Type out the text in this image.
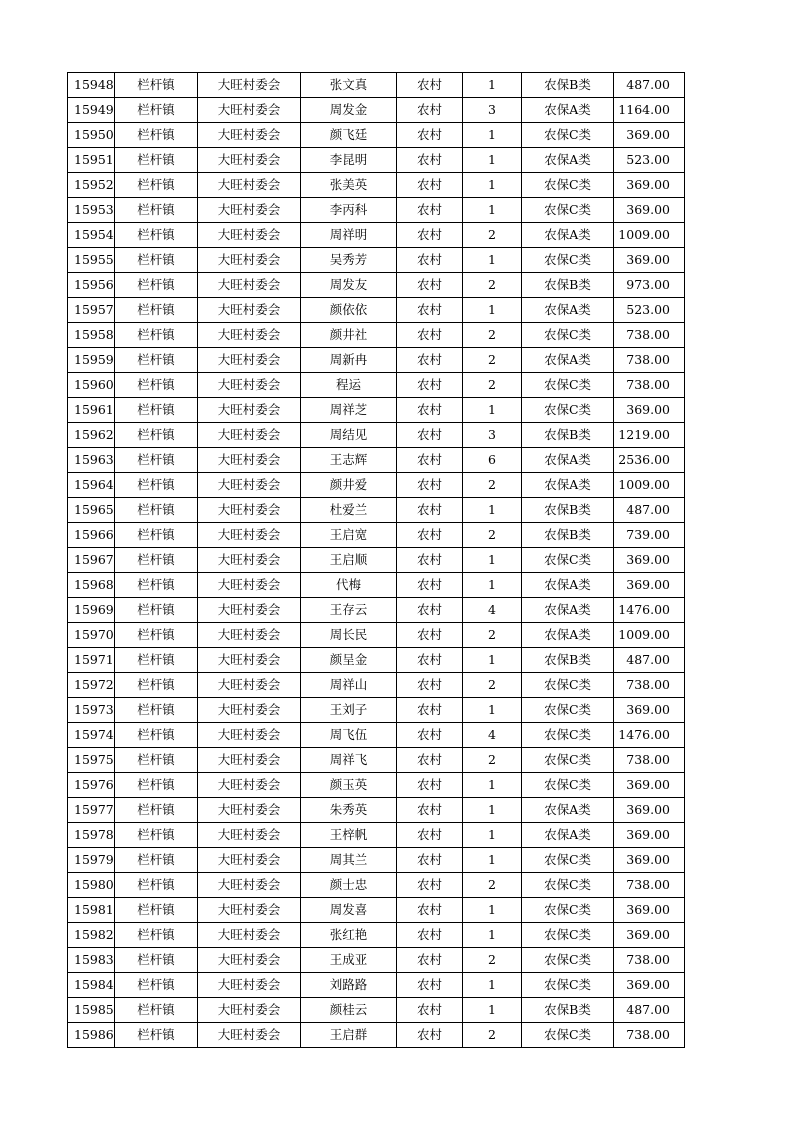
15948	栏杆镇	大旺村委会	张文真	农村	1	农保B类	487.00
15949	栏杆镇	大旺村委会	周发金	农村	3	农保A类	1164.00
15950	栏杆镇	大旺村委会	颜飞廷	农村	1	农保C类	369.00
15951	栏杆镇	大旺村委会	李昆明	农村	1	农保A类	523.00
15952	栏杆镇	大旺村委会	张美英	农村	1	农保C类	369.00
15953	栏杆镇	大旺村委会	李丙科	农村	1	农保C类	369.00
15954	栏杆镇	大旺村委会	周祥明	农村	2	农保A类	1009.00
15955	栏杆镇	大旺村委会	吴秀芳	农村	1	农保C类	369.00
15956	栏杆镇	大旺村委会	周发友	农村	2	农保B类	973.00
15957	栏杆镇	大旺村委会	颜依依	农村	1	农保A类	523.00
15958	栏杆镇	大旺村委会	颜井社	农村	2	农保C类	738.00
15959	栏杆镇	大旺村委会	周新冉	农村	2	农保A类	738.00
15960	栏杆镇	大旺村委会	程运	农村	2	农保C类	738.00
15961	栏杆镇	大旺村委会	周祥芝	农村	1	农保C类	369.00
15962	栏杆镇	大旺村委会	周结见	农村	3	农保B类	1219.00
15963	栏杆镇	大旺村委会	王志辉	农村	6	农保A类	2536.00
15964	栏杆镇	大旺村委会	颜井爱	农村	2	农保A类	1009.00
15965	栏杆镇	大旺村委会	杜爱兰	农村	1	农保B类	487.00
15966	栏杆镇	大旺村委会	王启宽	农村	2	农保B类	739.00
15967	栏杆镇	大旺村委会	王启顺	农村	1	农保C类	369.00
15968	栏杆镇	大旺村委会	代梅	农村	1	农保A类	369.00
15969	栏杆镇	大旺村委会	王存云	农村	4	农保A类	1476.00
15970	栏杆镇	大旺村委会	周长民	农村	2	农保A类	1009.00
15971	栏杆镇	大旺村委会	颜呈金	农村	1	农保B类	487.00
15972	栏杆镇	大旺村委会	周祥山	农村	2	农保C类	738.00
15973	栏杆镇	大旺村委会	王刘子	农村	1	农保C类	369.00
15974	栏杆镇	大旺村委会	周飞伍	农村	4	农保C类	1476.00
15975	栏杆镇	大旺村委会	周祥飞	农村	2	农保C类	738.00
15976	栏杆镇	大旺村委会	颜玉英	农村	1	农保C类	369.00
15977	栏杆镇	大旺村委会	朱秀英	农村	1	农保A类	369.00
15978	栏杆镇	大旺村委会	王梓帆	农村	1	农保A类	369.00
15979	栏杆镇	大旺村委会	周其兰	农村	1	农保C类	369.00
15980	栏杆镇	大旺村委会	颜士忠	农村	2	农保C类	738.00
15981	栏杆镇	大旺村委会	周发喜	农村	1	农保C类	369.00
15982	栏杆镇	大旺村委会	张红艳	农村	1	农保C类	369.00
15983	栏杆镇	大旺村委会	王成亚	农村	2	农保C类	738.00
15984	栏杆镇	大旺村委会	刘路路	农村	1	农保C类	369.00
15985	栏杆镇	大旺村委会	颜桂云	农村	1	农保B类	487.00
15986	栏杆镇	大旺村委会	王启群	农村	2	农保C类	738.00
